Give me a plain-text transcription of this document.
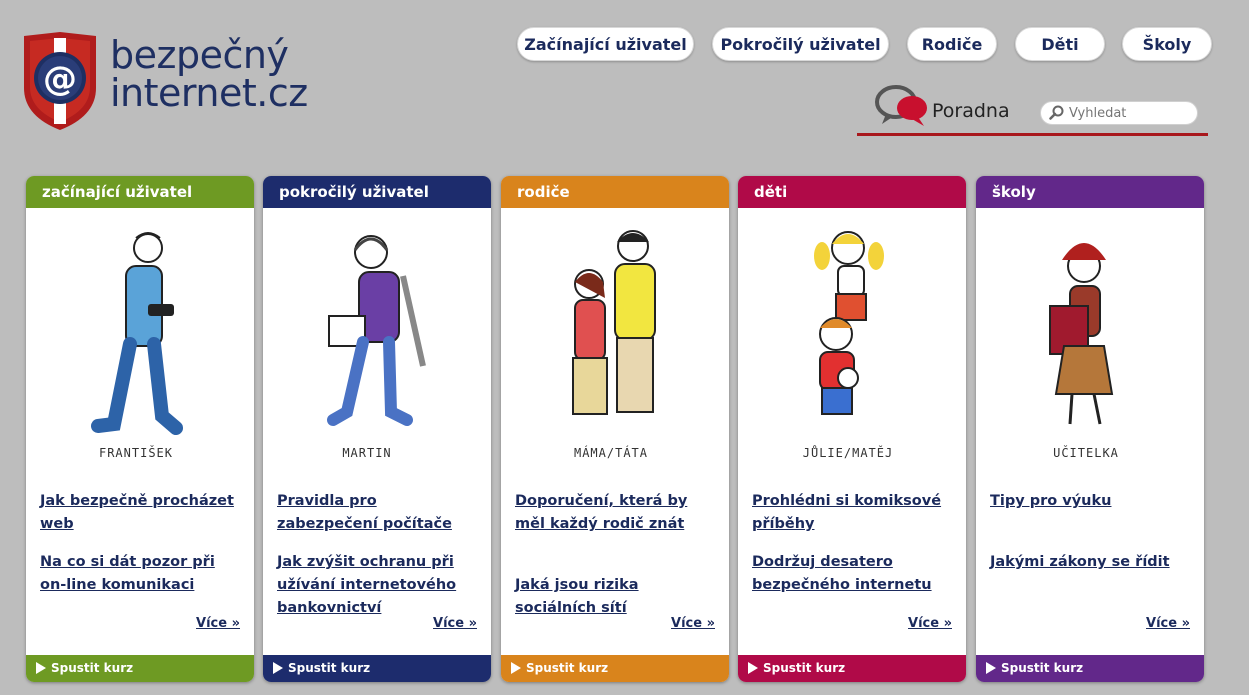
@
bezpečný
internet.cz
Začínající uživatel	Pokročilý uživatel	Rodiče	Děti	Školy
Poradna
Vyhledat
začínající uživatel
FRANTIŠEK
Jak bezpečně procházet web
Na co si dát pozor při on-line komunikaci
Více »
Spustit kurz
pokročilý uživatel
MARTIN
Pravidla pro zabezpečení počítače
Jak zvýšit ochranu při užívání internetového bankovnictví
Více »
Spustit kurz
rodiče
MÁMA/TÁTA
Doporučení, která by měl každý rodič znát
Jaká jsou rizika sociálních sítí
Více »
Spustit kurz
děti
JŮLIE/MATĚJ
Prohlédni si komiksové příběhy
Dodržuj desatero bezpečného internetu
Více »
Spustit kurz
školy
UČITELKA
Tipy pro výuku
Jakými zákony se řídit
Více »
Spustit kurz
